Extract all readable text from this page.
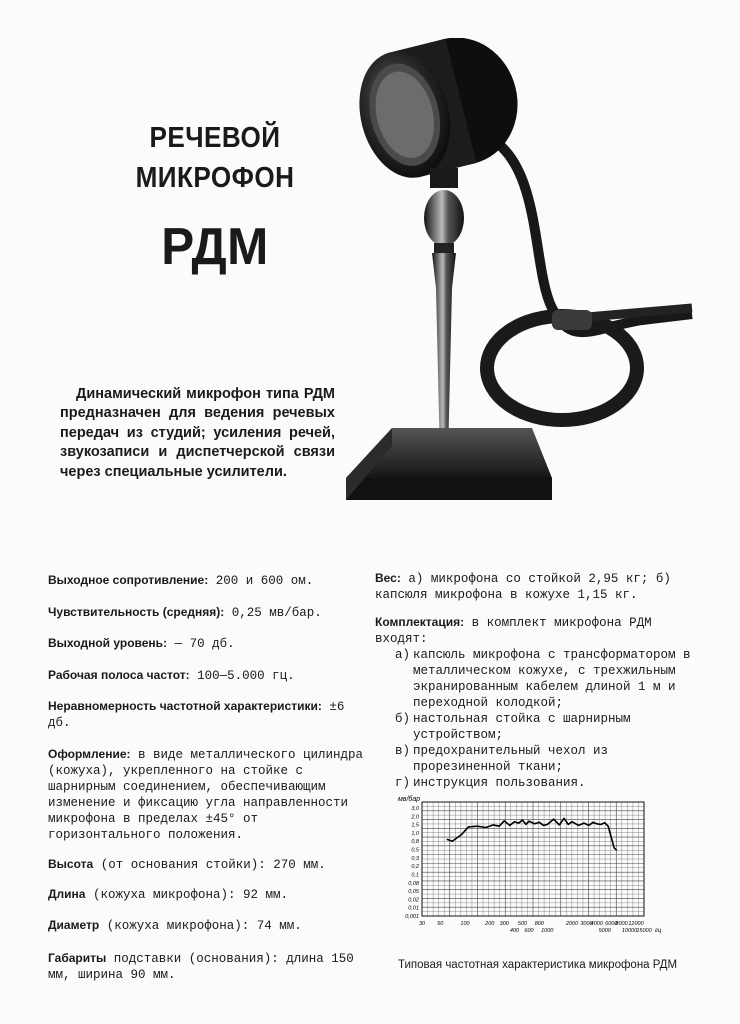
РЕЧЕВОЙ
МИКРОФОН
РДМ

Динамический микрофон типа РДМ предназначен для ведения речевых передач из студий; усиления речей, звукозаписи и диспетчерской связи через специальные усилители.

Выходное сопротивление: 200 и 600 ом.
Чувствительность (средняя): 0,25 мв/бар.
Выходной уровень: — 70 дб.
Рабочая полоса частот: 100—5.000 гц.
Неравномерность частотной характеристики: ±6 дб.
Оформление: в виде металлического цилиндра (кожуха), укрепленного на стойке с шарнирным соединением, обеспечивающим изменение и фиксацию угла направленности микрофона в пределах ±45° от горизонтального положения.
Высота (от основания стойки): 270 мм.
Длина (кожуха микрофона): 92 мм.
Диаметр (кожуха микрофона): 74 мм.
Габариты подставки (основания): длина 150 мм, ширина 90 мм.
Вес: а) микрофона со стойкой 2,95 кг; б) капсюля микрофона в кожухе 1,15 кг.
Комплектация: в комплект микрофона РДМ входят:
а) капсюль микрофона с трансформатором в металлическом кожухе, с трехжильным экранированным кабелем длиной 1 м и переходной колодкой;
б) настольная стойка с шарнирным устройством;
в) предохранительный чехол из прорезиненной ткани;
г) инструкция пользования.
мв/бар
3,0
2,0
1,5
1,0
0,8
0,5
0,3
0,2
0,1
0,08
0,05
0,02
0,01
0,001
30 50	100	200 300 500 800	2000 3000
4000 6000
8000 12000
400 600 1000	5000 10000 15000 гц
Типовая частотная характеристика микрофона РДМ
